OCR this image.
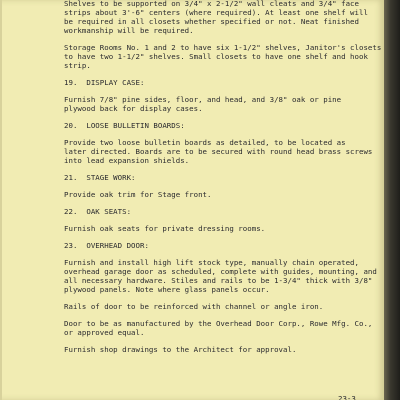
Shelves to be supported on 3/4" x 2-1/2" wall cleats and 3/4" face

strips about 3'-6" centers (where required). At least one shelf will

be required in all closets whether specified or not. Neat finished

workmanship will be required.

Storage Rooms No. 1 and 2 to have six 1-1/2" shelves, Janitor's closets

to have two 1-1/2" shelves. Small closets to have one shelf and hook

strip.

19.  DISPLAY CASE:

Furnish 7/8" pine sides, floor, and head, and 3/8" oak or pine

plywood back for display cases.

20.  LOOSE BULLETIN BOARDS:

Provide two loose bulletin boards as detailed, to be located as

later directed. Boards are to be secured with round head brass screws

into lead expansion shields.

21.  STAGE WORK:

Provide oak trim for Stage front.

22.  OAK SEATS:

Furnish oak seats for private dressing rooms.

23.  OVERHEAD DOOR:

Furnish and install high lift stock type, manually chain operated,

overhead garage door as scheduled, complete with guides, mounting, and

all necessary hardware. Stiles and rails to be 1-3/4" thick with 3/8"

plywood panels. Note where glass panels occur.

Rails of door to be reinforced with channel or angle iron.

Door to be as manufactured by the Overhead Door Corp., Rowe Mfg. Co.,

or approved equal.

Furnish shop drawings to the Architect for approval.

23-3
